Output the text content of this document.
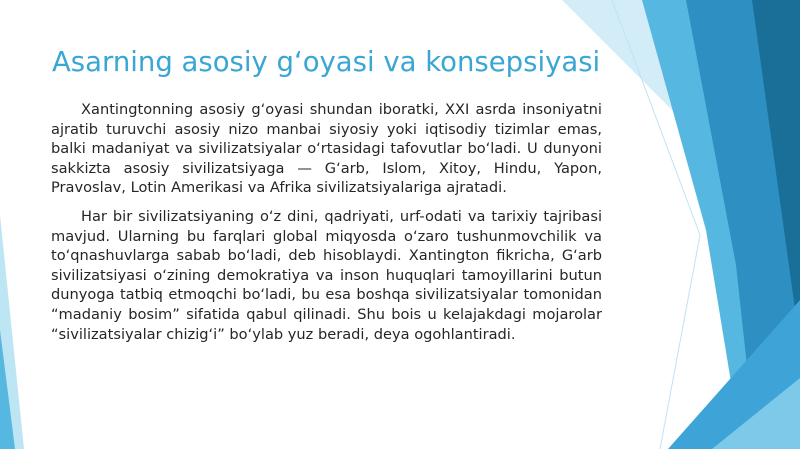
Asarning asosiy g‘oyasi va konsepsiyasi

Xantingtonning asosiy g‘oyasi shundan iboratki, XXI asrda insoniyatni ajratib turuvchi asosiy nizo manbai siyosiy yoki iqtisodiy tizimlar emas, balki madaniyat va sivilizatsiyalar o‘rtasidagi tafovutlar bo‘ladi. U dunyoni sakkizta asosiy sivilizatsiyaga — G‘arb, Islom, Xitoy, Hindu, Yapon, Pravoslav, Lotin Amerikasi va Afrika sivilizatsiyalariga ajratadi.

Har bir sivilizatsiyaning o‘z dini, qadriyati, urf-odati va tarixiy tajribasi mavjud. Ularning bu farqlari global miqyosda o‘zaro tushunmovchilik va to‘qnashuvlarga sabab bo‘ladi, deb hisoblaydi. Xantington fikricha, G‘arb sivilizatsiyasi o‘zining demokratiya va inson huquqlari tamoyillarini butun dunyoga tatbiq etmoqchi bo‘ladi, bu esa boshqa sivilizatsiyalar tomonidan “madaniy bosim” sifatida qabul qilinadi. Shu bois u kelajakdagi mojarolar “sivilizatsiyalar chizig‘i” bo‘ylab yuz beradi, deya ogohlantiradi.
